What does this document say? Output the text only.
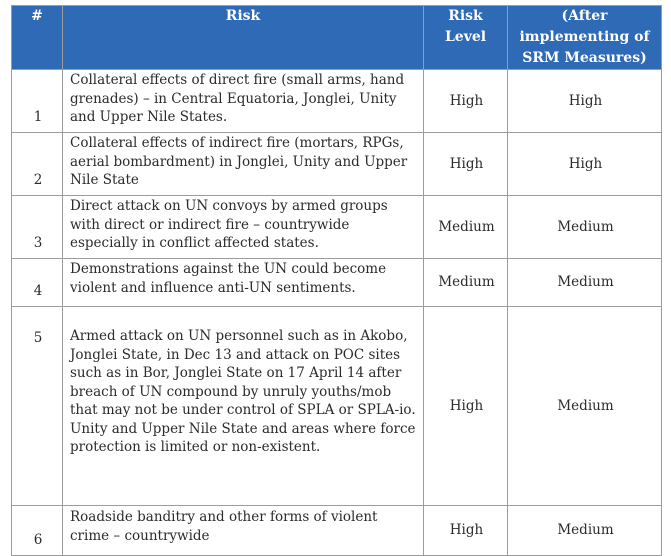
#	Risk	Risk Level	(After implementing of SRM Measures)
1	Collateral effects of direct fire (small arms, hand grenades) – in Central Equatoria, Jonglei, Unity and Upper Nile States.	High	High
2	Collateral effects of indirect fire (mortars, RPGs, aerial bombardment) in Jonglei, Unity and Upper Nile State	High	High
3	Direct attack on UN convoys by armed groups with direct or indirect fire – countrywide especially in conflict affected states.	Medium	Medium
4	Demonstrations against the UN could become violent and influence anti-UN sentiments.	Medium	Medium
5	Armed attack on UN personnel such as in Akobo, Jonglei State, in Dec 13 and attack on POC sites such as in Bor, Jonglei State on 17 April 14 after breach of UN compound by unruly youths/mob that may not be under control of SPLA or SPLA-io. Unity and Upper Nile State and areas where force protection is limited or non-existent.	High	Medium
6	Roadside banditry and other forms of violent crime – countrywide	High	Medium
